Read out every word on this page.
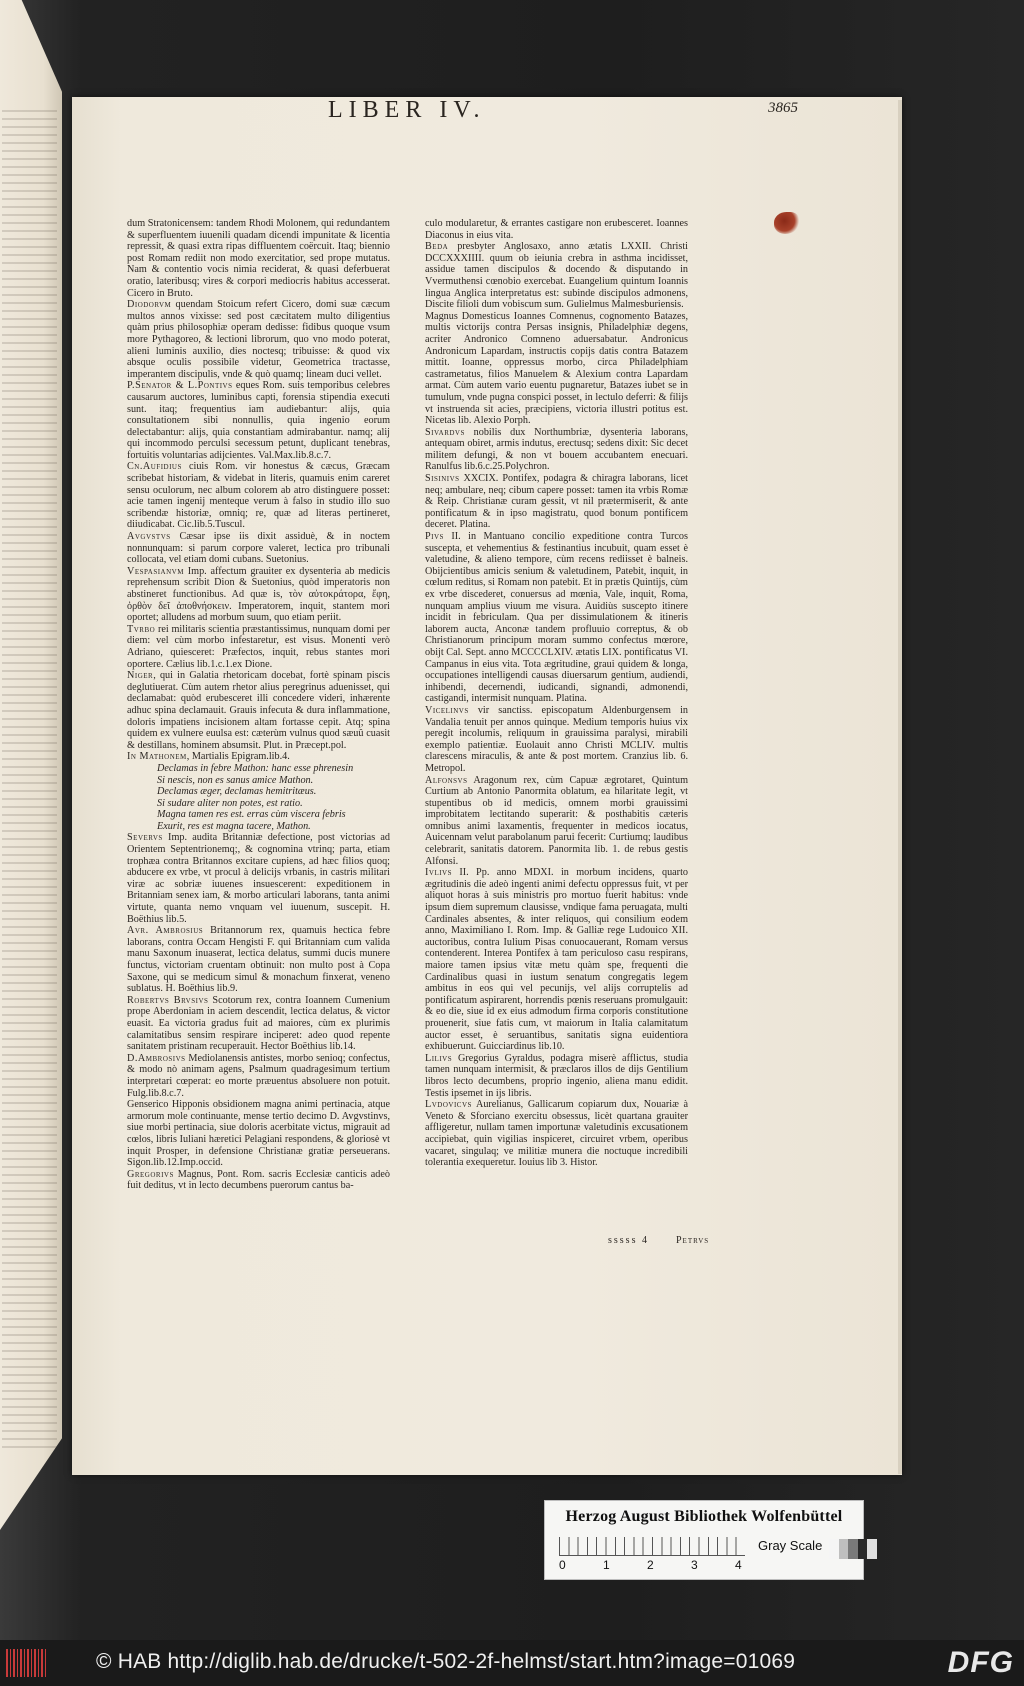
LIBER IV.	3865
dum Stratonicensem: tandem Rhodi Molonem, qui redundantem & superfluentem iuuenili quadam dicendi impunitate & licentia repressit, & quasi extra ripas diffluentem coërcuit. Itaq; biennio post Romam rediit non modo exercitatior, sed prope mutatus. Nam & contentio vocis nimia reciderat, & quasi deferbuerat oratio, lateribusq; vires & corpori mediocris habitus accesserat. Cicero in Bruto.
Diodorvm quendam Stoicum refert Cicero, domi suæ cæcum multos annos vixisse: sed post cæcitatem multo diligentius quàm prius philosophiæ operam dedisse: fidibus quoque vsum more Pythagoreo, & lectioni librorum, quo vno modo poterat, alieni luminis auxilio, dies noctesq; tribuisse: & quod vix absque oculis possibile videtur, Geometrica tractasse, imperantem discipulis, vnde & quò quamq; lineam duci vellet.
P.Senator & L.Pontivs eques Rom. suis temporibus celebres causarum auctores, luminibus capti, forensia stipendia executi sunt. itaq; frequentius iam audiebantur: alijs, quia consultationem sibi nonnullis, quia ingenio eorum delectabantur: alijs, quia constantiam admirabantur. namq; alij qui incommodo perculsi secessum petunt, duplicant tenebras, fortuitis voluntarias adijcientes. Val.Max.lib.8.c.7.
Cn.Aufidius ciuis Rom. vir honestus & cæcus, Græcam scribebat historiam, & videbat in literis, quamuis enim careret sensu oculorum, nec album colorem ab atro distinguere posset: acie tamen ingenij menteque verum à falso in studio illo suo scribendæ historiæ, omniq; re, quæ ad literas pertineret, diiudicabat. Cic.lib.5.Tuscul.
Avgvstvs Cæsar ipse iis dixit assiduè, & in noctem nonnunquam: si parum corpore valeret, lectica pro tribunali collocata, vel etiam domi cubans. Suetonius.
Vespasianvm Imp. affectum grauiter ex dysenteria ab medicis reprehensum scribit Dion & Suetonius, quòd imperatoris non abstineret functionibus. Ad quæ is, τὸν αὐτοκράτορα, ἔφη, ὀρθὸν δεῖ ἀποθνήσκειν. Imperatorem, inquit, stantem mori oportet; alludens ad morbum suum, quo etiam periit.
Tvrbo rei militaris scientia præstantissimus, nunquam domi per diem: vel cùm morbo infestaretur, est visus. Monenti verò Adriano, quiesceret: Præfectos, inquit, rebus stantes mori oportere. Cælius lib.1.c.1.ex Dione.
Niger, qui in Galatia rhetoricam docebat, fortè spinam piscis deglutiuerat. Cùm autem rhetor alius peregrinus aduenisset, qui declamabat: quòd erubesceret illi concedere videri, inhærente adhuc spina declamauit. Grauis infecuta & dura inflammatione, doloris impatiens incisionem altam fortasse cepit. Atq; spina quidem ex vulnere euulsa est: cæterùm vulnus quod sæuû cuasit & destillans, hominem absumsit. Plut. in Præcept.pol.
In Mathonem, Martialis Epigram.lib.4.
Declamas in febre Mathon: hanc esse phrenesin
Si nescis, non es sanus amice Mathon.
Declamas æger, declamas hemitritæus.
Si sudare aliter non potes, est ratio.
Magna tamen res est. erras cùm viscera febris
Exurit, res est magna tacere, Mathon.
Severvs Imp. audita Britanniæ defectione, post victorias ad Orientem Septentrionemq;, & cognomina vtrinq; parta, etiam trophæa contra Britannos excitare cupiens, ad hæc filios quoq; abducere ex vrbe, vt procul à delicijs vrbanis, in castris militari viræ ac sobriæ iuuenes insuescerent: expeditionem in Britanniam senex iam, & morbo articulari laborans, tanta animi virtute, quanta nemo vnquam vel iuuenum, suscepit. H. Boëthius lib.5.
Avr. Ambrosius Britannorum rex, quamuis hectica febre laborans, contra Occam Hengisti F. qui Britanniam cum valida manu Saxonum inuaserat, lectica delatus, summi ducis munere functus, victoriam cruentam obtinuit: non multo post à Copa Saxone, qui se medicum simul & monachum finxerat, veneno sublatus. H. Boëthius lib.9.
Robertvs Brvsivs Scotorum rex, contra Ioannem Cumenium prope Aberdoniam in aciem descendit, lectica delatus, & victor euasit. Ea victoria gradus fuit ad maiores, cùm ex plurimis calamitatibus sensim respirare inciperet: adeo quod repente sanitatem pristinam recuperauit. Hector Boëthius lib.14.
D.Ambrosivs Mediolanensis antistes, morbo senioq; confectus, & modo nò animam agens, Psalmum quadragesimum tertium interpretari cœperat: eo morte præuentus absoluere non potuit. Fulg.lib.8.c.7.
Genserico Hipponis obsidionem magna animi pertinacia, atque armorum mole continuante, mense tertio decimo D. Avgvstinvs, siue morbi pertinacia, siue doloris acerbitate victus, migrauit ad cœlos, libris Iuliani hæretici Pelagiani respondens, & gloriosè vt inquit Prosper, in defensione Christianæ gratiæ perseuerans. Sigon.lib.12.Imp.occid.
Gregorivs Magnus, Pont. Rom. sacris Ecclesiæ canticis adeò fuit deditus, vt in lecto decumbens puerorum cantus ba-
culo modularetur, & errantes castigare non erubesceret. Ioannes Diaconus in eius vita.
Beda presbyter Anglosaxo, anno ætatis LXXII. Christi DCCXXXIIII. quum ob ieiunia crebra in asthma incidisset, assidue tamen discipulos & docendo & disputando in Vvermuthensi cœnobio exercebat. Euangelium quintum Ioannis lingua Anglica interpretatus est: subinde discipulos admonens, Discite filioli dum vobiscum sum. Gulielmus Malmesburiensis.
Magnus Domesticus Ioannes Comnenus, cognomento Batazes, multis victorijs contra Persas insignis, Philadelphiæ degens, acriter Andronico Comneno aduersabatur. Andronicus Andronicum Lapardam, instructis copijs datis contra Batazem mittit. Ioanne, oppressus morbo, circa Philadelphiam castrametatus, filios Manuelem & Alexium contra Lapardam armat. Cùm autem vario euentu pugnaretur, Batazes iubet se in tumulum, vnde pugna conspici posset, in lectulo deferri: & filijs vt instruenda sit acies, præcipiens, victoria illustri potitus est. Nicetas lib. Alexio Porph.
Sivardvs nobilis dux Northumbriæ, dysenteria laborans, antequam obiret, armis indutus, erectusq; sedens dixit: Sic decet militem defungi, & non vt bouem accubantem enecuari. Ranulfus lib.6.c.25.Polychron.
Sisinivs XXCIX. Pontifex, podagra & chiragra laborans, licet neq; ambulare, neq; cibum capere posset: tamen ita vrbis Romæ & Reip. Christianæ curam gessit, vt nil prætermiserit, & ante pontificatum & in ipso magistratu, quod bonum pontificem deceret. Platina.
Pivs II. in Mantuano concilio expeditione contra Turcos suscepta, et vehementius & festinantius incubuit, quam esset è valetudine, & alieno tempore, cùm recens rediisset è balneis. Obijcientibus amicis senium & valetudinem, Patebit, inquit, in cœlum reditus, si Romam non patebit. Et in prætis Quintijs, cùm ex vrbe discederet, conuersus ad mœnia, Vale, inquit, Roma, nunquam amplius viuum me visura. Auidiùs suscepto itinere incidit in febriculam. Qua per dissimulationem & itineris laborem aucta, Anconæ tandem profluuio correptus, & ob Christianorum principum moram summo confectus mœrore, obijt Cal. Sept. anno MCCCCLXIV. ætatis LIX. pontificatus VI. Campanus in eius vita. Tota ægritudine, graui quidem & longa, occupationes intelligendi causas diuersarum gentium, audiendi, inhibendi, decernendi, iudicandi, signandi, admonendi, castigandi, intermisit nunquam. Platina.
Vicelinvs vir sanctiss. episcopatum Aldenburgensem in Vandalia tenuit per annos quinque. Medium temporis huius vix peregit incolumis, reliquum in grauissima paralysi, mirabili exemplo patientiæ. Euolauit anno Christi MCLIV. multis clarescens miraculis, & ante & post mortem. Cranzius lib. 6. Metropol.
Alfonsvs Aragonum rex, cùm Capuæ ægrotaret, Quintum Curtium ab Antonio Panormita oblatum, ea hilaritate legit, vt stupentibus ob id medicis, omnem morbi grauissimi improbitatem lectitando superarit: & posthabitis cæteris omnibus animi laxamentis, frequenter in medicos iocatus, Auicennam velut parabolanum parui fecerit: Curtiumq; laudibus celebrarit, sanitatis datorem. Panormita lib. 1. de rebus gestis Alfonsi.
Ivlivs II. Pp. anno MDXI. in morbum incidens, quarto ægritudinis die adeò ingenti animi defectu oppressus fuit, vt per aliquot horas à suis ministris pro mortuo fuerit habitus: vnde ipsum diem supremum clausisse, vndique fama peruagata, multi Cardinales absentes, & inter reliquos, qui consilium eodem anno, Maximiliano I. Rom. Imp. & Galliæ rege Ludouico XII. auctoribus, contra Iulium Pisas conuocauerant, Romam versus contenderent. Interea Pontifex à tam periculoso casu respirans, maiore tamen ipsius vitæ metu quàm spe, frequenti die Cardinalibus quasi in iustum senatum congregatis legem ambitus in eos qui vel pecunijs, vel alijs corruptelis ad pontificatum aspirarent, horrendis pœnis reseruans promulgauit: & eo die, siue id ex eius admodum firma corporis constitutione prouenerit, siue fatis cum, vt maiorum in Italia calamitatum auctor esset, è seruantibus, sanitatis signa euidentiora exhibuerunt. Guicciardinus lib.10.
Lilivs Gregorius Gyraldus, podagra miserè afflictus, studia tamen nunquam intermisit, & præclaros illos de dijs Gentilium libros lecto decumbens, proprio ingenio, aliena manu edidit. Testis ipsemet in ijs libris.
Lvdovicvs Aurelianus, Gallicarum copiarum dux, Nouariæ à Veneto & Sforciano exercitu obsessus, licèt quartana grauiter affligeretur, nullam tamen importunæ valetudinis excusationem accipiebat, quin vigilias inspiceret, circuiret vrbem, operibus vacaret, singulaq; ve militiæ munera die noctuque incredibili tolerantia exequeretur. Iouius lib 3. Histor.
sssss 4	Petrvs
Herzog August Bibliothek Wolfenbüttel
0	1	2	3	4
Gray Scale
© HAB http://diglib.hab.de/drucke/t-502-2f-helmst/start.htm?image=01069	DFG
